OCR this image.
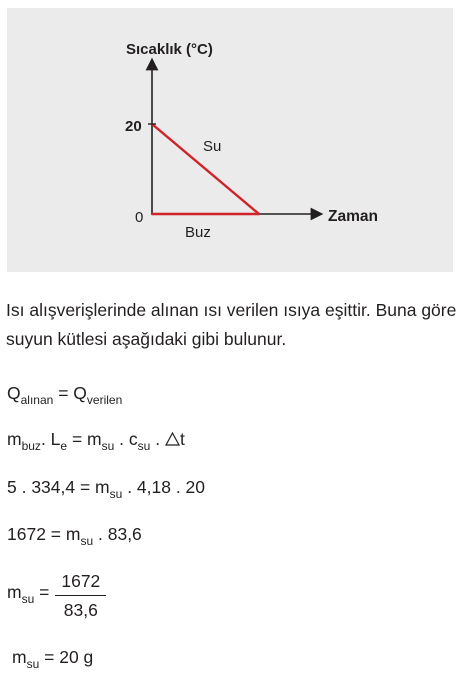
Sıcaklık (°C)
Zaman
20
0
Su
Buz

Isı alışverişlerinde alınan ısı verilen ısıya eşittir. Buna göre suyun kütlesi aşağıdaki gibi bulunur.

$Q_{alınan} = Q_{verilen}$
$m_{buz}$. $L_e = m_{su}$ . $c_{su}$ . t
5 . $334,4 = m_{su}$ . 4,18 . 20
$1672 = m_{su}$ . 83,6
$m_{su} = \frac{1672}{83,6}$
$m_{su} = 20$ g
